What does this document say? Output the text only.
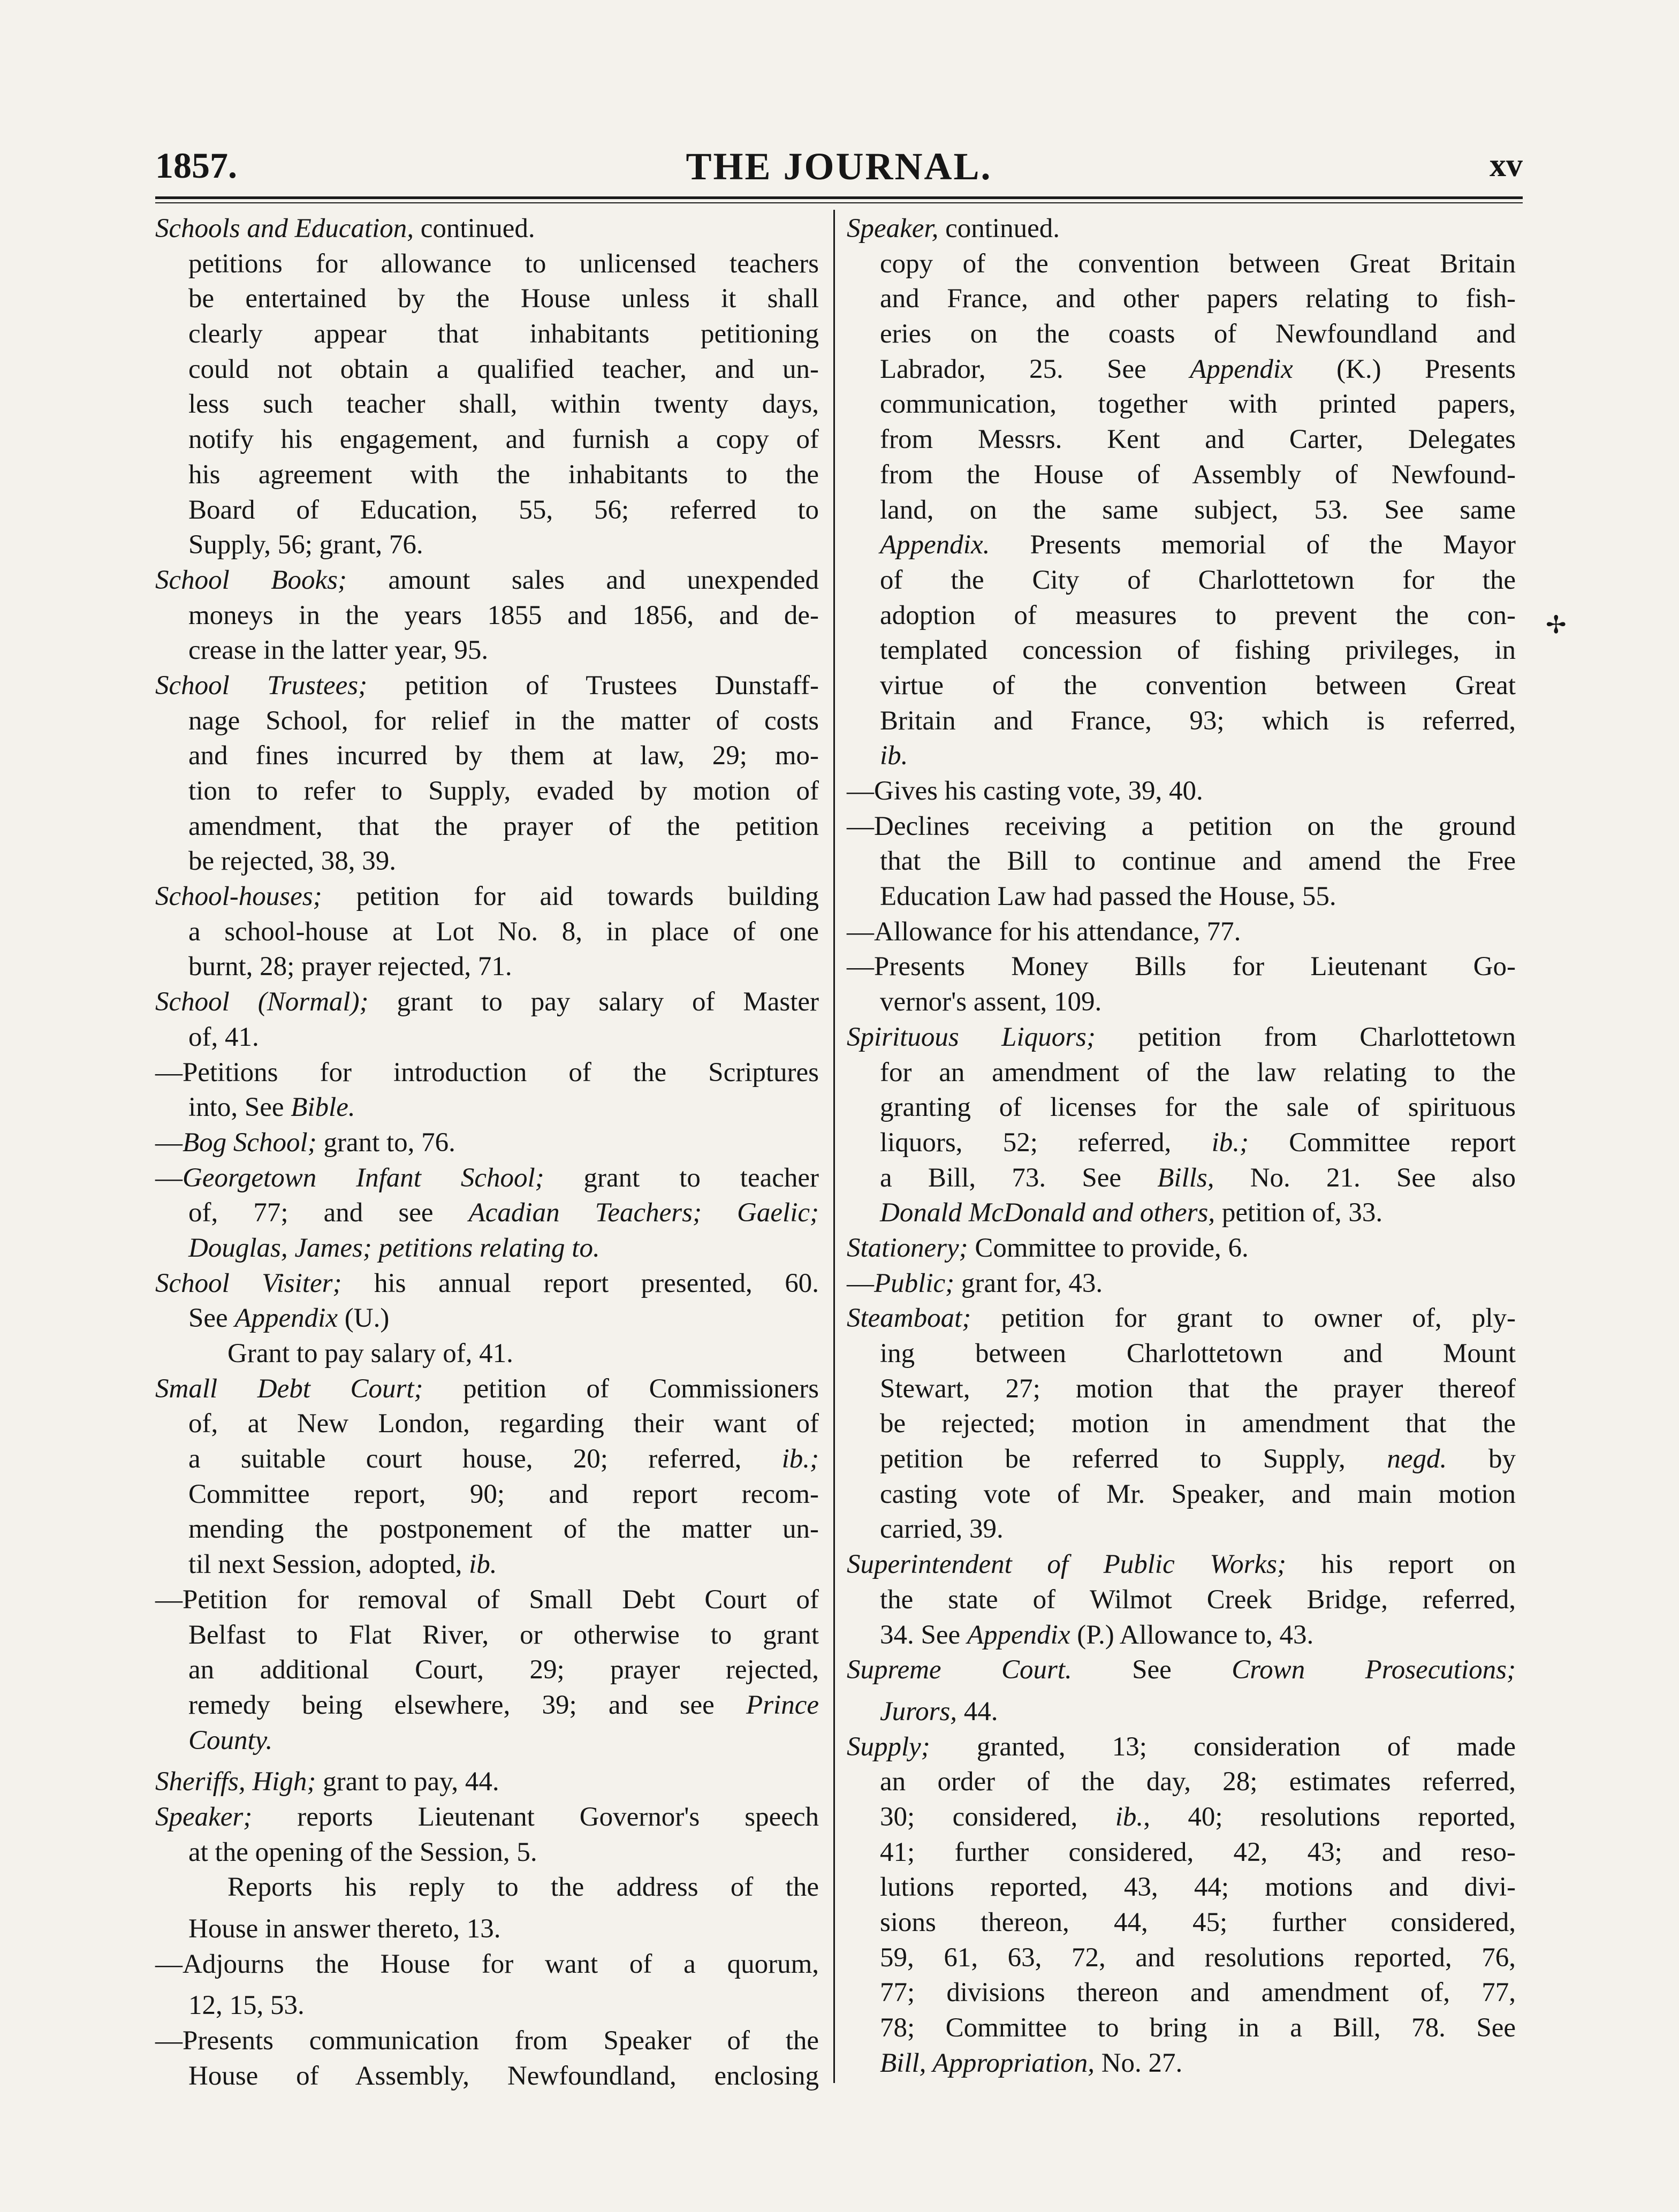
1857.	THE JOURNAL.	xv
Schools and Education, continued.
petitions for allowance to unlicensed teachers
be entertained by the House unless it shall
clearly appear that inhabitants petitioning
could not obtain a qualified teacher, and un-
less such teacher shall, within twenty days,
notify his engagement, and furnish a copy of
his agreement with the inhabitants to the
Board of Education, 55, 56; referred to
Supply, 56; grant, 76.
School Books; amount sales and unexpended
moneys in the years 1855 and 1856, and de-
crease in the latter year, 95.
School Trustees; petition of Trustees Dunstaff-
nage School, for relief in the matter of costs
and fines incurred by them at law, 29; mo-
tion to refer to Supply, evaded by motion of
amendment, that the prayer of the petition
be rejected, 38, 39.
School-houses; petition for aid towards building
a school-house at Lot No. 8, in place of one
burnt, 28; prayer rejected, 71.
School (Normal); grant to pay salary of Master
of, 41.
—Petitions for introduction of the Scriptures
into, See Bible.
—Bog School; grant to, 76.
—Georgetown Infant School; grant to teacher
of, 77; and see Acadian Teachers; Gaelic;
Douglas, James; petitions relating to.
School Visiter; his annual report presented, 60.
See Appendix (U.)
Grant to pay salary of, 41.
Small Debt Court; petition of Commissioners
of, at New London, regarding their want of
a suitable court house, 20; referred, ib.;
Committee report, 90; and report recom-
mending the postponement of the matter un-
til next Session, adopted, ib.
—Petition for removal of Small Debt Court of
Belfast to Flat River, or otherwise to grant
an additional Court, 29; prayer rejected,
remedy being elsewhere, 39; and see Prince
County.
Sheriffs, High; grant to pay, 44.
Speaker; reports Lieutenant Governor's speech
at the opening of the Session, 5.
Reports his reply to the address of the
House in answer thereto, 13.
—Adjourns the House for want of a quorum,
12, 15, 53.
—Presents communication from Speaker of the
House of Assembly, Newfoundland, enclosing
Speaker, continued.
copy of the convention between Great Britain
and France, and other papers relating to fish-
eries on the coasts of Newfoundland and
Labrador, 25. See Appendix (K.) Presents
communication, together with printed papers,
from Messrs. Kent and Carter, Delegates
from the House of Assembly of Newfound-
land, on the same subject, 53. See same
Appendix. Presents memorial of the Mayor
of the City of Charlottetown for the
adoption of measures to prevent the con-
templated concession of fishing privileges, in
virtue of the convention between Great
Britain and France, 93; which is referred,
ib.
—Gives his casting vote, 39, 40.
—Declines receiving a petition on the ground
that the Bill to continue and amend the Free
Education Law had passed the House, 55.
—Allowance for his attendance, 77.
—Presents Money Bills for Lieutenant Go-
vernor's assent, 109.
Spirituous Liquors; petition from Charlottetown
for an amendment of the law relating to the
granting of licenses for the sale of spirituous
liquors, 52; referred, ib.; Committee report
a Bill, 73. See Bills, No. 21. See also
Donald McDonald and others, petition of, 33.
Stationery; Committee to provide, 6.
—Public; grant for, 43.
Steamboat; petition for grant to owner of, ply-
ing between Charlottetown and Mount
Stewart, 27; motion that the prayer thereof
be rejected; motion in amendment that the
petition be referred to Supply, negd. by
casting vote of Mr. Speaker, and main motion
carried, 39.
Superintendent of Public Works; his report on
the state of Wilmot Creek Bridge, referred,
34. See Appendix (P.) Allowance to, 43.
Supreme Court. See Crown Prosecutions;
Jurors, 44.
Supply; granted, 13; consideration of made
an order of the day, 28; estimates referred,
30; considered, ib., 40; resolutions reported,
41; further considered, 42, 43; and reso-
lutions reported, 43, 44; motions and divi-
sions thereon, 44, 45; further considered,
59, 61, 63, 72, and resolutions reported, 76,
77; divisions thereon and amendment of, 77,
78; Committee to bring in a Bill, 78. See
Bill, Appropriation, No. 27.
✢
